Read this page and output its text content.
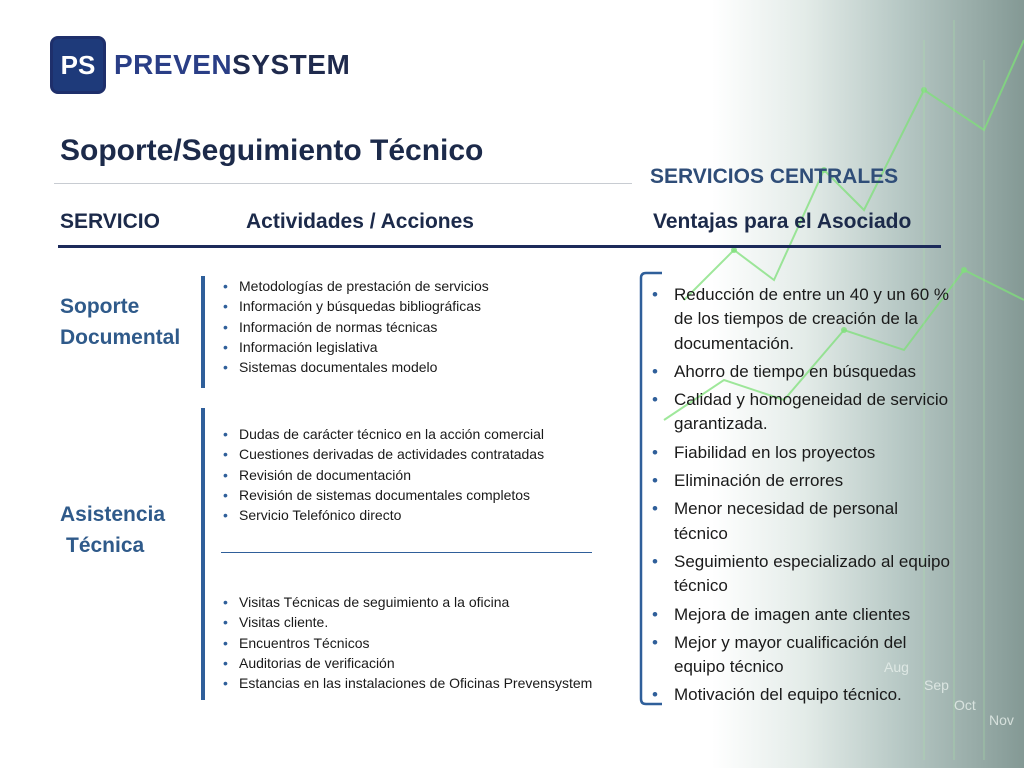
Aug
Sep
Oct
Nov
PS PREVENSYSTEM
Soporte/Seguimiento Técnico
SERVICIOS CENTRALES
SERVICIO	Actividades / Acciones	Ventajas para el Asociado
Soporte
Documental
Asistencia
Técnica
• Metodologías de prestación de servicios
• Información y búsquedas bibliográficas
• Información de normas técnicas
• Información legislativa
• Sistemas documentales modelo
• Dudas de carácter técnico en la acción comercial
• Cuestiones derivadas de actividades contratadas
• Revisión de documentación
• Revisión de sistemas documentales completos
• Servicio Telefónico directo
• Visitas Técnicas de seguimiento a la oficina
• Visitas cliente.
• Encuentros Técnicos
• Auditorias de verificación
• Estancias en las instalaciones de Oficinas Prevensystem
• Reducción de entre un 40 y un 60 % de los tiempos de creación de la documentación.
• Ahorro de tiempo en búsquedas
• Calidad y homogeneidad de servicio garantizada.
• Fiabilidad en los proyectos
• Eliminación de errores
• Menor necesidad de personal técnico
• Seguimiento especializado al equipo técnico
• Mejora de imagen ante clientes
• Mejor y mayor cualificación del equipo técnico
• Motivación del equipo técnico.
